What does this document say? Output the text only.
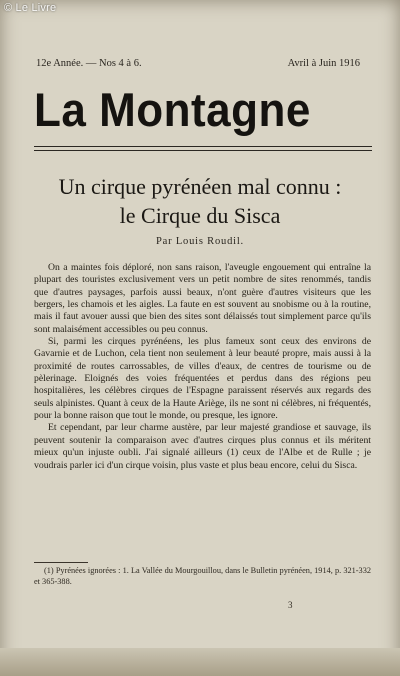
© Le Livre
12e Année. — Nos 4 à 6.	Avril à Juin 1916
La Montagne
Un cirque pyrénéen mal connu :
le Cirque du Sisca
Par Louis Roudil.

On a maintes fois déploré, non sans raison, l'aveugle engouement qui entraîne la plupart des touristes exclusivement vers un petit nombre de sites renommés, tandis que d'autres paysages, parfois aussi beaux, n'ont guère d'autres visiteurs que les bergers, les chamois et les aigles. La faute en est souvent au snobisme ou à la routine, mais il faut avouer aussi que bien des sites sont délaissés tout simplement parce qu'ils sont malaisément accessibles ou peu connus.

Si, parmi les cirques pyrénéens, les plus fameux sont ceux des environs de Gavarnie et de Luchon, cela tient non seulement à leur beauté propre, mais aussi à la proximité de routes carrossables, de villes d'eaux, de centres de tourisme ou de pèlerinage. Eloignés des voies fréquentées et perdus dans des régions peu hospitalières, les célèbres cirques de l'Espagne paraissent réservés aux regards des seuls alpinistes. Quant à ceux de la Haute Ariège, ils ne sont ni célèbres, ni fréquentés, pour la bonne raison que tout le monde, ou presque, les ignore.

Et cependant, par leur charme austère, par leur majesté grandiose et sauvage, ils peuvent soutenir la comparaison avec d'autres cirques plus connus et ils méritent mieux qu'un injuste oubli. J'ai signalé ailleurs (1) ceux de l'Albe et de Rulle ; je voudrais parler ici d'un cirque voisin, plus vaste et plus beau encore, celui du Sisca.

(1) Pyrénées ignorées : 1. La Vallée du Mourgouillou, dans le Bulletin pyrénéen, 1914, p. 321-332 et 365-388.
3
